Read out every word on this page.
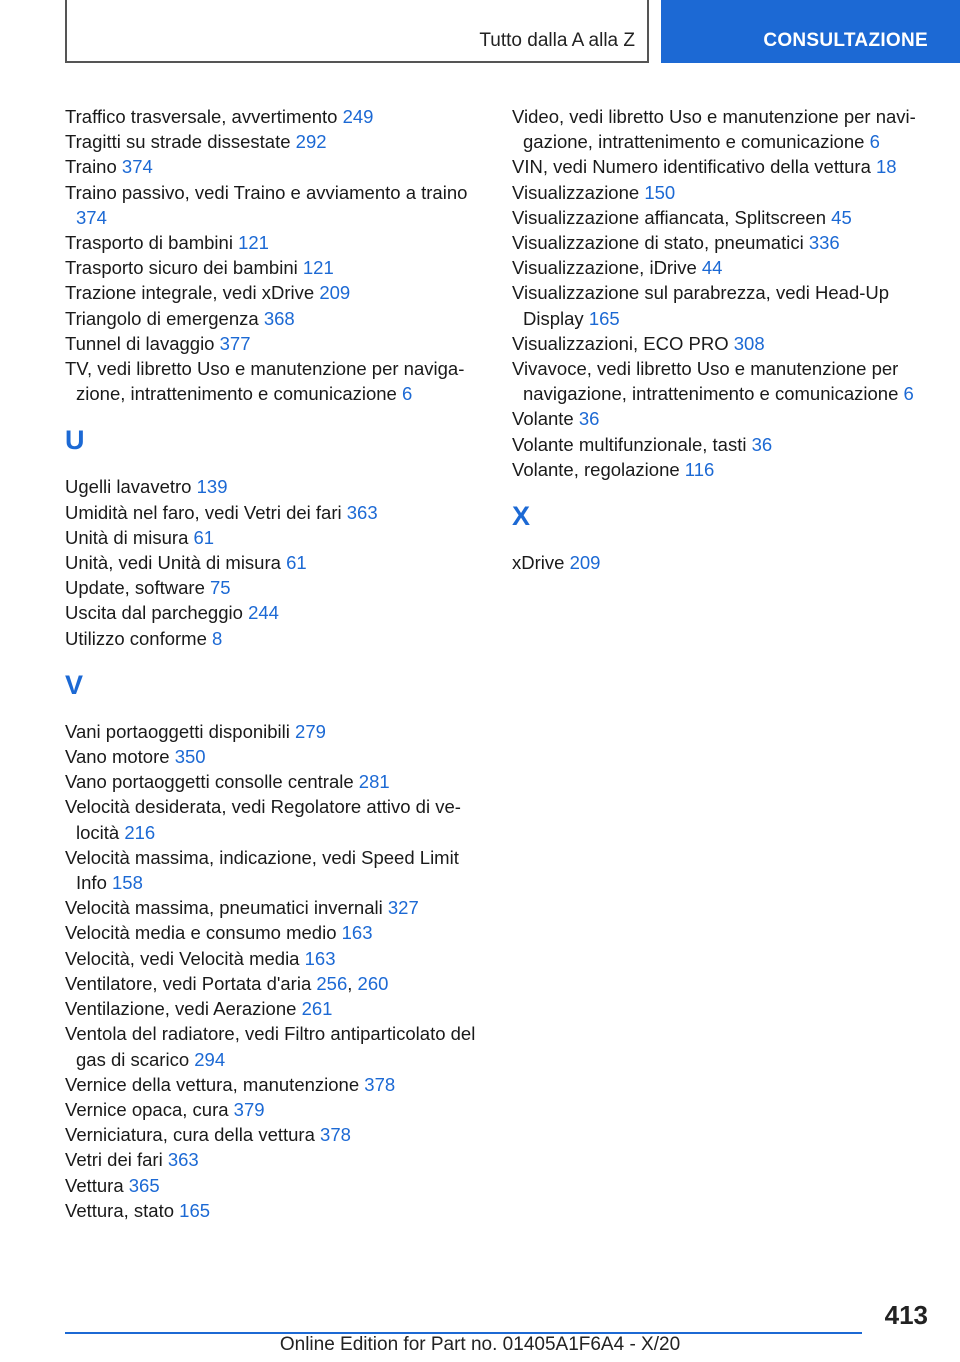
Tutto dalla A alla Z	CONSULTAZIONE
Traffico trasversale, avvertimento 249
Tragitti su strade dissestate 292
Traino 374
Traino passivo, vedi Traino e avviamento a traino 374
Trasporto di bambini 121
Trasporto sicuro dei bambini 121
Trazione integrale, vedi xDrive 209
Triangolo di emergenza 368
Tunnel di lavaggio 377
TV, vedi libretto Uso e manutenzione per navigazione, intrattenimento e comunicazione 6
U
Ugelli lavavetro 139
Umidità nel faro, vedi Vetri dei fari 363
Unità di misura 61
Unità, vedi Unità di misura 61
Update, software 75
Uscita dal parcheggio 244
Utilizzo conforme 8
V
Vani portaoggetti disponibili 279
Vano motore 350
Vano portaoggetti consolle centrale 281
Velocità desiderata, vedi Regolatore attivo di velocità 216
Velocità massima, indicazione, vedi Speed Limit Info 158
Velocità massima, pneumatici invernali 327
Velocità media e consumo medio 163
Velocità, vedi Velocità media 163
Ventilatore, vedi Portata d'aria 256, 260
Ventilazione, vedi Aerazione 261
Ventola del radiatore, vedi Filtro antiparticolato del gas di scarico 294
Vernice della vettura, manutenzione 378
Vernice opaca, cura 379
Verniciatura, cura della vettura 378
Vetri dei fari 363
Vettura 365
Vettura, stato 165
Video, vedi libretto Uso e manutenzione per navigazione, intrattenimento e comunicazione 6
VIN, vedi Numero identificativo della vettura 18
Visualizzazione 150
Visualizzazione affiancata, Splitscreen 45
Visualizzazione di stato, pneumatici 336
Visualizzazione, iDrive 44
Visualizzazione sul parabrezza, vedi Head-Up Display 165
Visualizzazioni, ECO PRO 308
Vivavoce, vedi libretto Uso e manutenzione per navigazione, intrattenimento e comunicazione 6
Volante 36
Volante multifunzionale, tasti 36
Volante, regolazione 116
X
xDrive 209
413
Online Edition for Part no. 01405A1F6A4 - X/20
